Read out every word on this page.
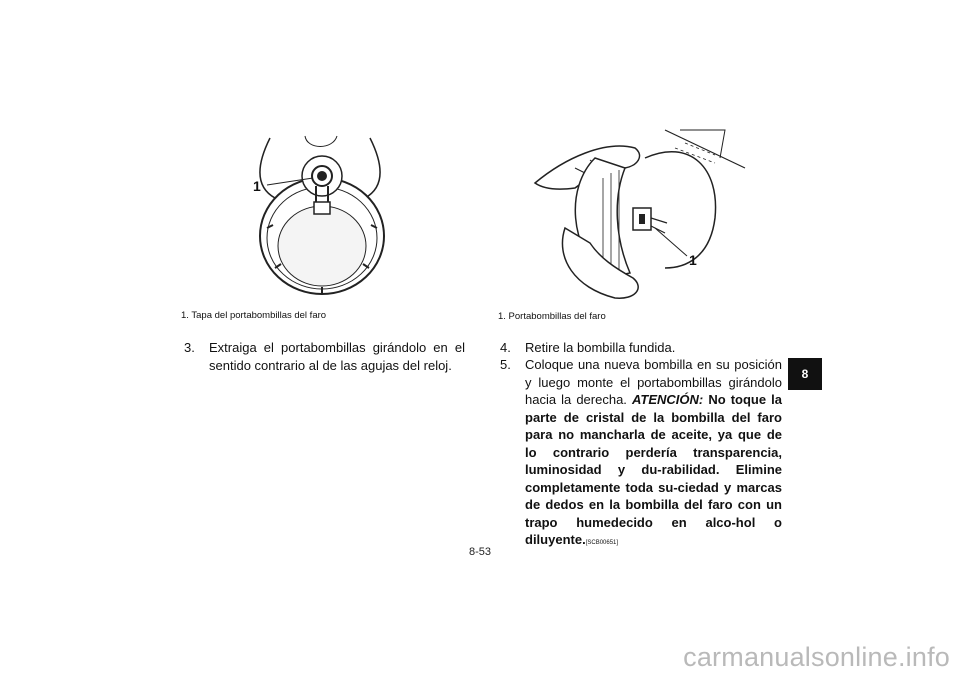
1
1. Tapa del portabombillas del faro
1
1. Portabombillas del faro
3.	Extraiga el portabombillas girándolo en el sentido contrario al de las agujas del reloj.
4.	Retire la bombilla fundida.
5.	Coloque una nueva bombilla en su posición y luego monte el portabombillas girándolo hacia la derecha. ATENCIÓN: No toque la parte de cristal de la bombilla del faro para no mancharla de aceite, ya que de lo contrario perdería transparencia, luminosidad y du-rabilidad. Elimine completamente toda su-ciedad y marcas de dedos en la bombilla del faro con un trapo humedecido en alco-hol o diluyente.[SCB00651]
8
8-53
carmanualsonline.info
